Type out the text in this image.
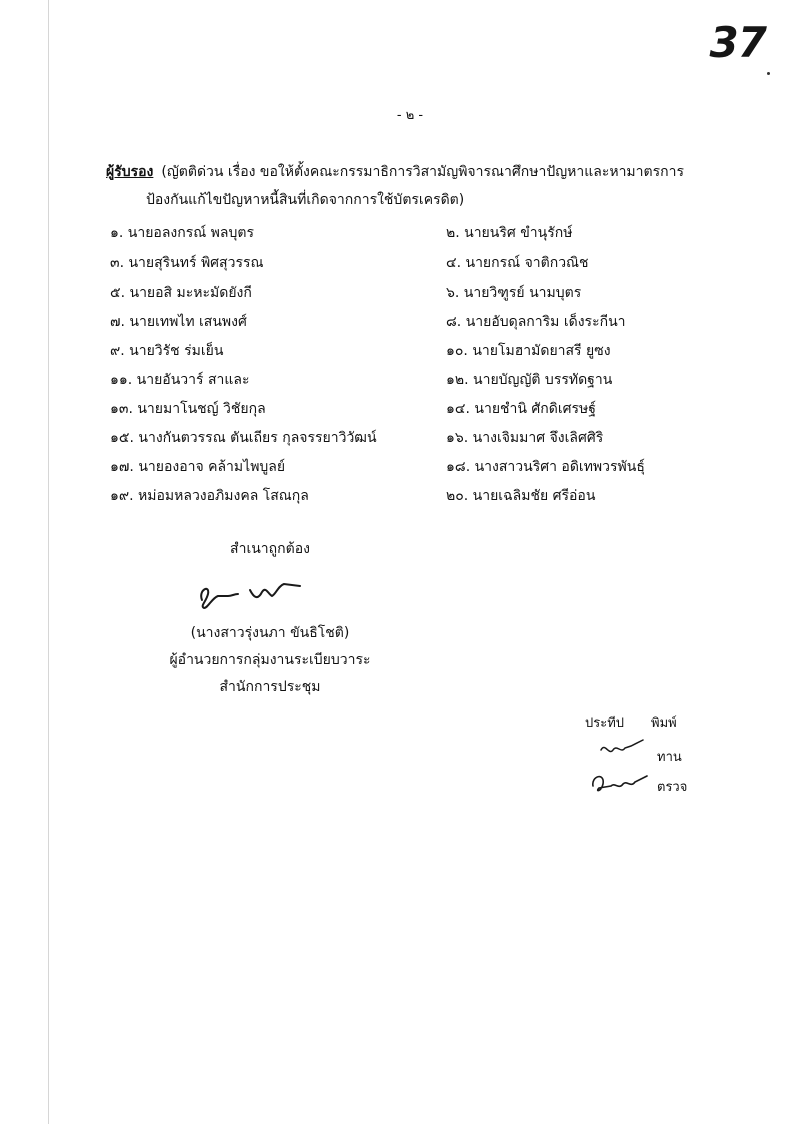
37
- ๒ -
ผู้รับรอง (ญัตติด่วน เรื่อง ขอให้ตั้งคณะกรรมาธิการวิสามัญพิจารณาศึกษาปัญหาและหามาตรการ
ป้องกันแก้ไขปัญหาหนี้สินที่เกิดจากการใช้บัตรเครดิต)
๑. นายอลงกรณ์ พลบุตร	๒. นายนริศ ขำนุรักษ์
๓. นายสุรินทร์ พิศสุวรรณ	๔. นายกรณ์ จาติกวณิช
๕. นายอสิ มะหะมัดยังกี	๖. นายวิฑูรย์ นามบุตร
๗. นายเทพไท เสนพงศ์	๘. นายอับดุลการิม เด็งระกีนา
๙. นายวิรัช ร่มเย็น	๑๐. นายโมฮามัดยาสรี ยูซง
๑๑. นายอันวาร์ สาและ	๑๒. นายบัญญัติ บรรทัดฐาน
๑๓. นายมาโนชญ์ วิชัยกุล	๑๔. นายชำนิ ศักดิเศรษฐ์
๑๕. นางกันตวรรณ ตันเถียร กุลจรรยาวิวัฒน์	๑๖. นางเจิมมาศ จึงเลิศศิริ
๑๗. นายองอาจ คล้ามไพบูลย์	๑๘. นางสาวนริศา อดิเทพวรพันธุ์
๑๙. หม่อมหลวงอภิมงคล โสณกุล	๒๐. นายเฉลิมชัย ศรีอ่อน
สำเนาถูกต้อง
(นางสาวรุ่งนภา ขันธิโชติ)
ผู้อำนวยการกลุ่มงานระเบียบวาระ
สำนักการประชุม
ประทีป พิมพ์
ทาน
ตรวจ
